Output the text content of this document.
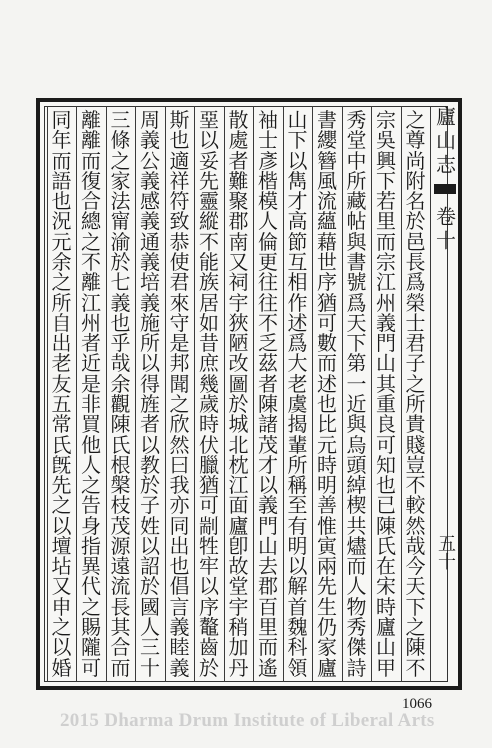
之
尊
尚
附
名
於
邑
長
爲
榮
士
君
子
之
所
貴
賤
豈
不
較
然
哉
今
天
下
之
陳
不
宗
吳
興
下
若
里
而
宗
江
州
義
門
山
其
重
良
可
知
也
已
陳
氏
在
宋
時
廬
山
甲
秀
堂
中
所
藏
帖
與
書
號
爲
天
下
第
一
近
與
烏
頭
綽
楔
共
燼
而
人
物
秀
傑
詩
書
纓
簪
風
流
蘊
藉
世
序
猶
可
數
而
述
也
比
元
時
明
善
惟
寅
兩
先
生
仍
家
廬
山
下
以
雋
才
高
節
互
相
作
述
爲
大
老
虞
揭
輩
所
稱
至
有
明
以
解
首
魏
科
領
袖
士
彥
楷
模
人
倫
更
往
往
不
乏
茲
者
陳
諸
茂
才
以
義
門
山
去
郡
百
里
而
遙
散
處
者
難
聚
郡
南
又
祠
宇
狹
陋
改
圖
於
城
北
枕
江
面
廬
卽
故
堂
宇
稍
加
丹
堊
以
妥
先
靈
縱
不
能
族
居
如
昔
庶
幾
歲
時
伏
臘
猶
可
剬
牲
牢
以
序
鼇
齒
於
斯
也
適
祥
符
致
恭
使
君
來
守
是
邦
聞
之
欣
然
曰
我
亦
同
出
也
倡
言
義
睦
義
周
義
公
義
感
義
通
義
培
義
施
所
以
得
旌
者
以
教
於
子
姓
以
詔
於
國
人
三
十
三
條
之
家
法
甯
渝
於
七
義
也
乎
哉
余
觀
陳
氏
根
槃
枝
茂
源
遠
流
長
其
合
而
離
離
而
復
合
總
之
不
離
江
州
者
近
是
非
買
他
人
之
告
身
指
異
代
之
賜
隴
可
同
年
而
語
也
況
元
余
之
所
自
出
老
友
五
常
氏
旣
先
之
以
壇
坫
又
申
之
以
婚
廬山志
卷十
五十
1066
2015 Dharma Drum Institute of Liberal Arts
